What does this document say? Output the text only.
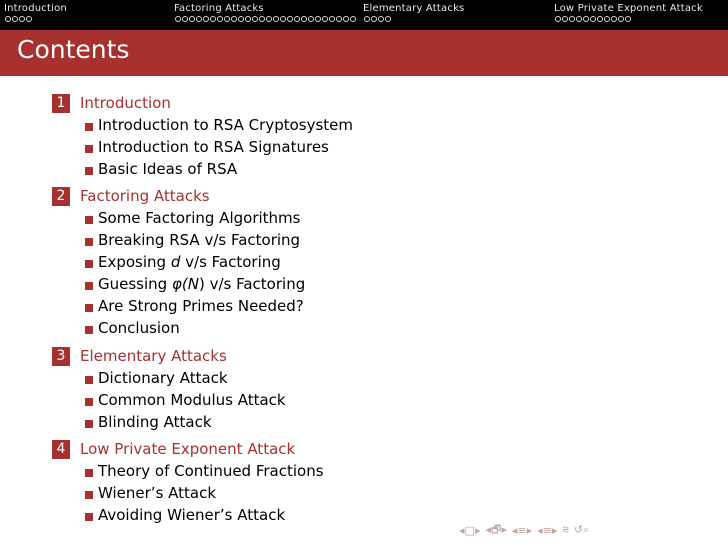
Introduction	Factoring Attacks	Elementary Attacks	Low Private Exponent Attack
Contents
1 Introduction
Introduction to RSA Cryptosystem
Introduction to RSA Signatures
Basic Ideas of RSA
2 Factoring Attacks
Some Factoring Algorithms
Breaking RSA v/s Factoring
Exposing d v/s Factoring
Guessing φ(N) v/s Factoring
Are Strong Primes Needed?
Conclusion
3 Elementary Attacks
Dictionary Attack
Common Modulus Attack
Blinding Attack
4 Low Private Exponent Attack
Theory of Continued Fractions
Wiener’s Attack
Avoiding Wiener’s Attack
◂□▸ ◂🗗▸ ◂≡▸ ◂≡▸ ⩬ ↺⌕
